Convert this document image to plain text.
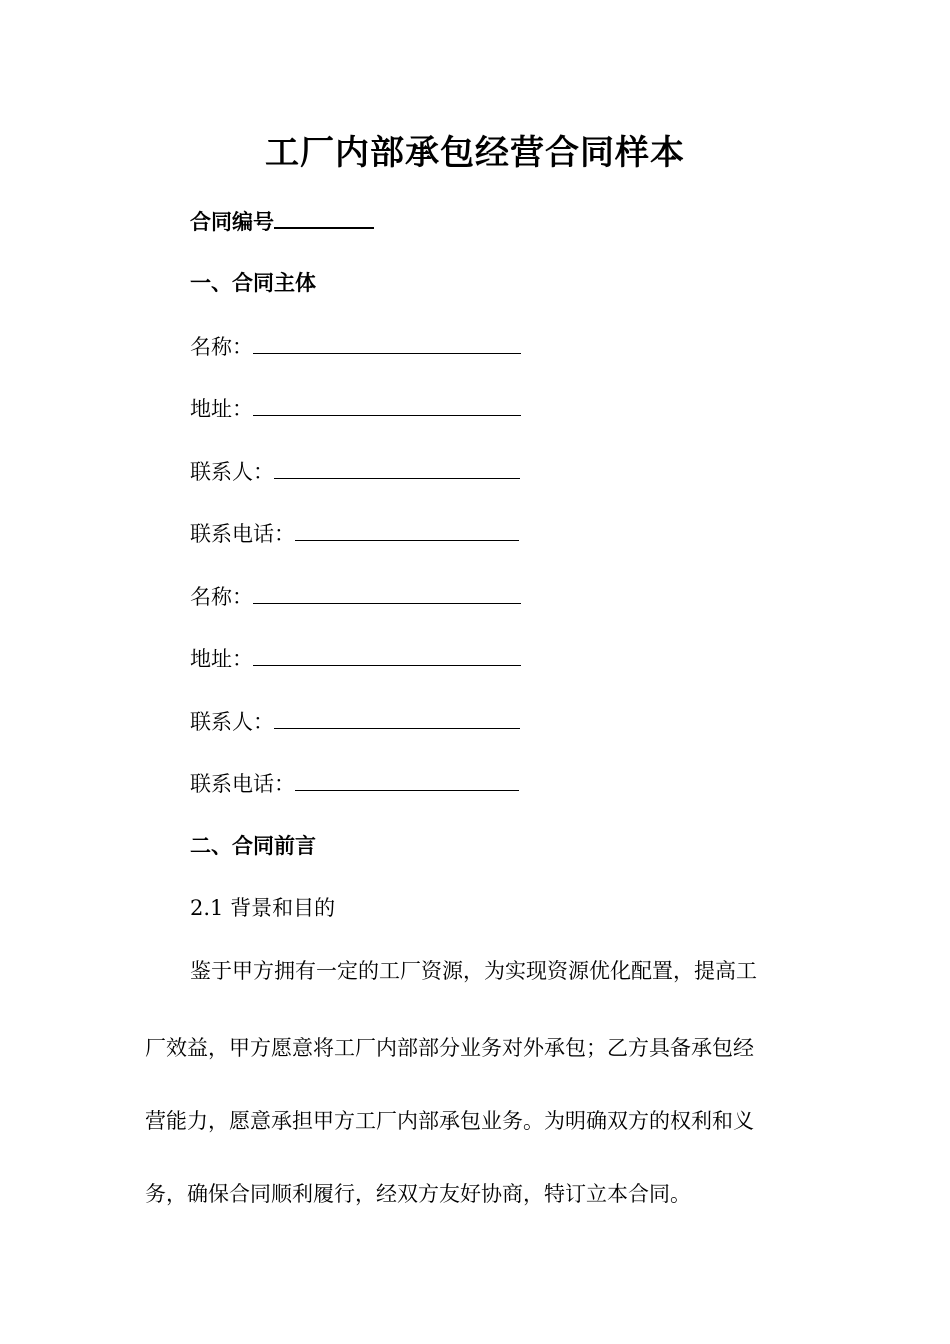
工厂内部承包经营合同样本
合同编号
一、合同主体
名称：
地址：
联系人：
联系电话：
名称：
地址：
联系人：
联系电话：
二、合同前言
2.1 背景和目的
鉴于甲方拥有一定的工厂资源，为实现资源优化配置，提高工
厂效益，甲方愿意将工厂内部部分业务对外承包；乙方具备承包经
营能力，愿意承担甲方工厂内部承包业务。为明确双方的权利和义
务，确保合同顺利履行，经双方友好协商，特订立本合同。
